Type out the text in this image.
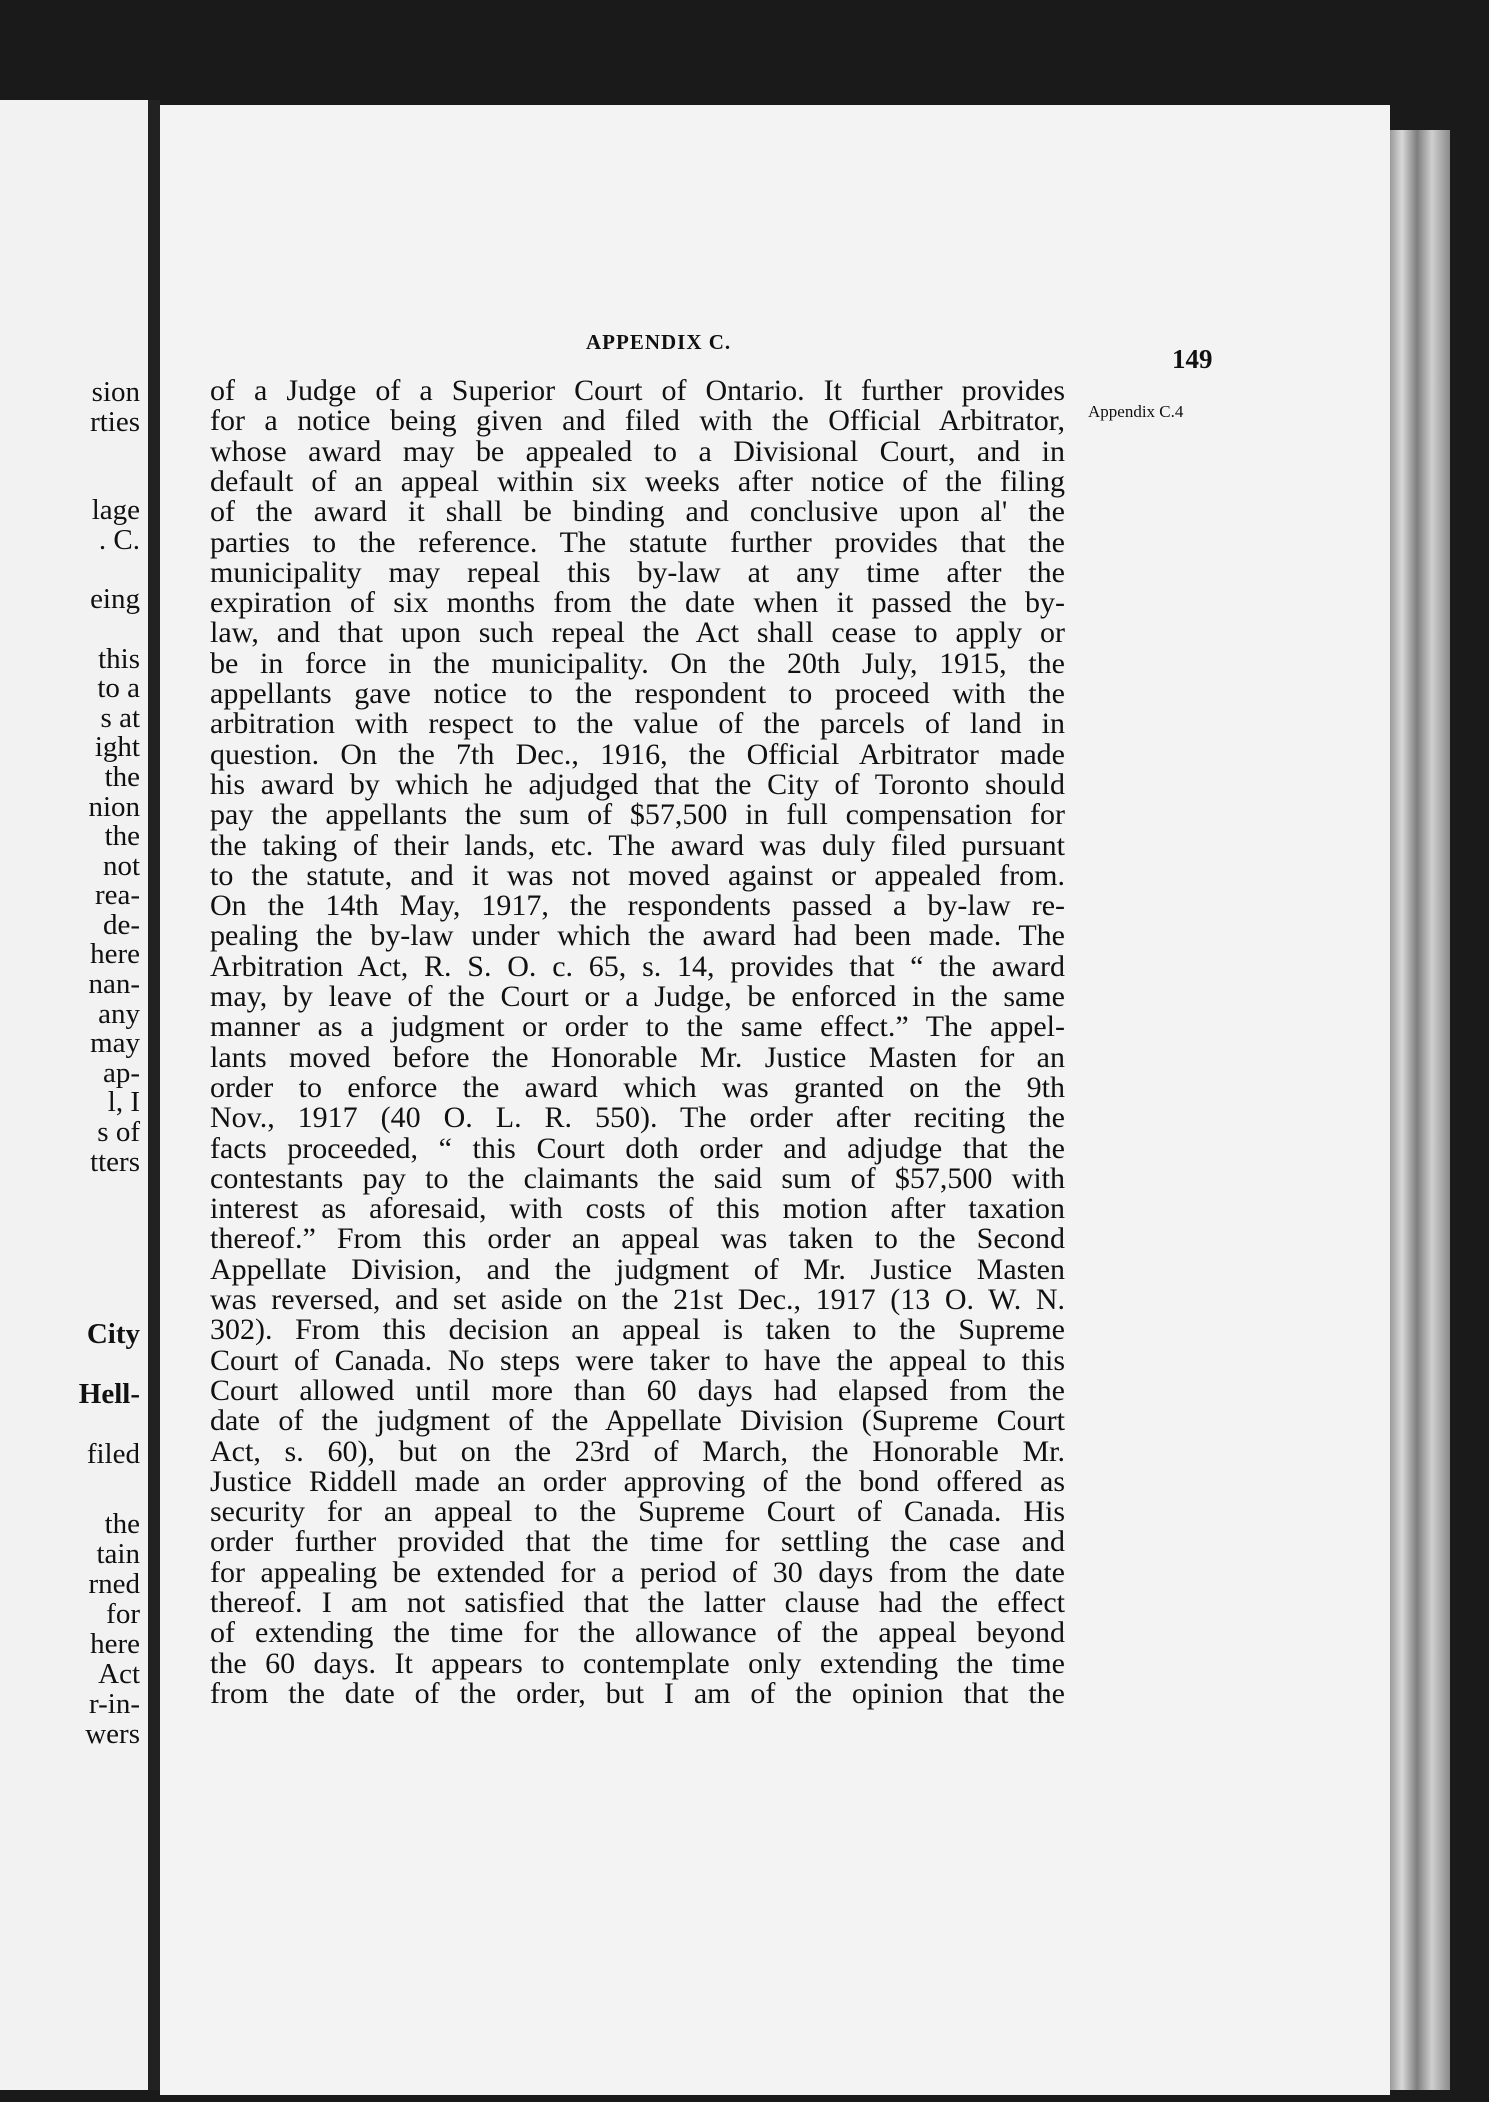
sion
rties
lage
. C.
eing
this
to a
s at
ight
the
nion
the
not
rea-
de-
here
nan-
any
may
ap-
l, I
s of
tters
City
Hell-
filed
the
tain
rned
for
here
Act
r-in-
wers
APPENDIX C.
149
Appendix C.4
of a Judge of a Superior Court of Ontario. It further provides
for a notice being given and filed with the Official Arbitrator,
whose award may be appealed to a Divisional Court, and in
default of an appeal within six weeks after notice of the filing
of the award it shall be binding and conclusive upon al' the
parties to the reference. The statute further provides that the
municipality may repeal this by-law at any time after the
expiration of six months from the date when it passed the by-
law, and that upon such repeal the Act shall cease to apply or
be in force in the municipality. On the 20th July, 1915, the
appellants gave notice to the respondent to proceed with the
arbitration with respect to the value of the parcels of land in
question. On the 7th Dec., 1916, the Official Arbitrator made
his award by which he adjudged that the City of Toronto should
pay the appellants the sum of $57,500 in full compensation for
the taking of their lands, etc. The award was duly filed pursuant
to the statute, and it was not moved against or appealed from.
On the 14th May, 1917, the respondents passed a by-law re-
pealing the by-law under which the award had been made. The
Arbitration Act, R. S. O. c. 65, s. 14, provides that “ the award
may, by leave of the Court or a Judge, be enforced in the same
manner as a judgment or order to the same effect.” The appel-
lants moved before the Honorable Mr. Justice Masten for an
order to enforce the award which was granted on the 9th
Nov., 1917 (40 O. L. R. 550). The order after reciting the
facts proceeded, “ this Court doth order and adjudge that the
contestants pay to the claimants the said sum of $57,500 with
interest as aforesaid, with costs of this motion after taxation
thereof.” From this order an appeal was taken to the Second
Appellate Division, and the judgment of Mr. Justice Masten
was reversed, and set aside on the 21st Dec., 1917 (13 O. W. N.
302). From this decision an appeal is taken to the Supreme
Court of Canada. No steps were taker to have the appeal to this
Court allowed until more than 60 days had elapsed from the
date of the judgment of the Appellate Division (Supreme Court
Act, s. 60), but on the 23rd of March, the Honorable Mr.
Justice Riddell made an order approving of the bond offered as
security for an appeal to the Supreme Court of Canada. His
order further provided that the time for settling the case and
for appealing be extended for a period of 30 days from the date
thereof. I am not satisfied that the latter clause had the effect
of extending the time for the allowance of the appeal beyond
the 60 days. It appears to contemplate only extending the time
from the date of the order, but I am of the opinion that the
